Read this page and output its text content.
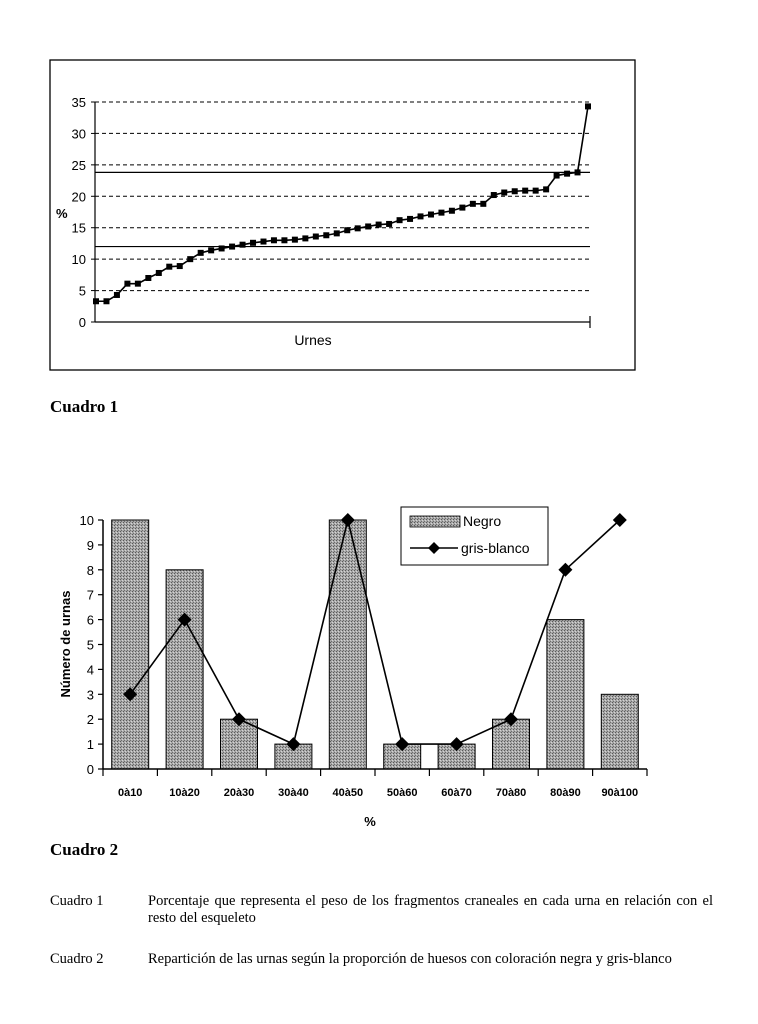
0
5
10
15
20
25
30
35
%
Urnes
Cuadro 1
0
1
2
3
4
5
6
7
8
9
10
0à10 10à20 20à30 30à40 40à50 50à60 60à70 70à80 80à90 90à100
Número de urnas
%
Negro
gris-blanco
Cuadro 2
Cuadro 1	Porcentaje que representa el peso de los fragmentos craneales en cada urna en relación con el resto del esqueleto
Cuadro 2	Repartición de las urnas según la proporción de huesos con coloración negra y gris-blanco
